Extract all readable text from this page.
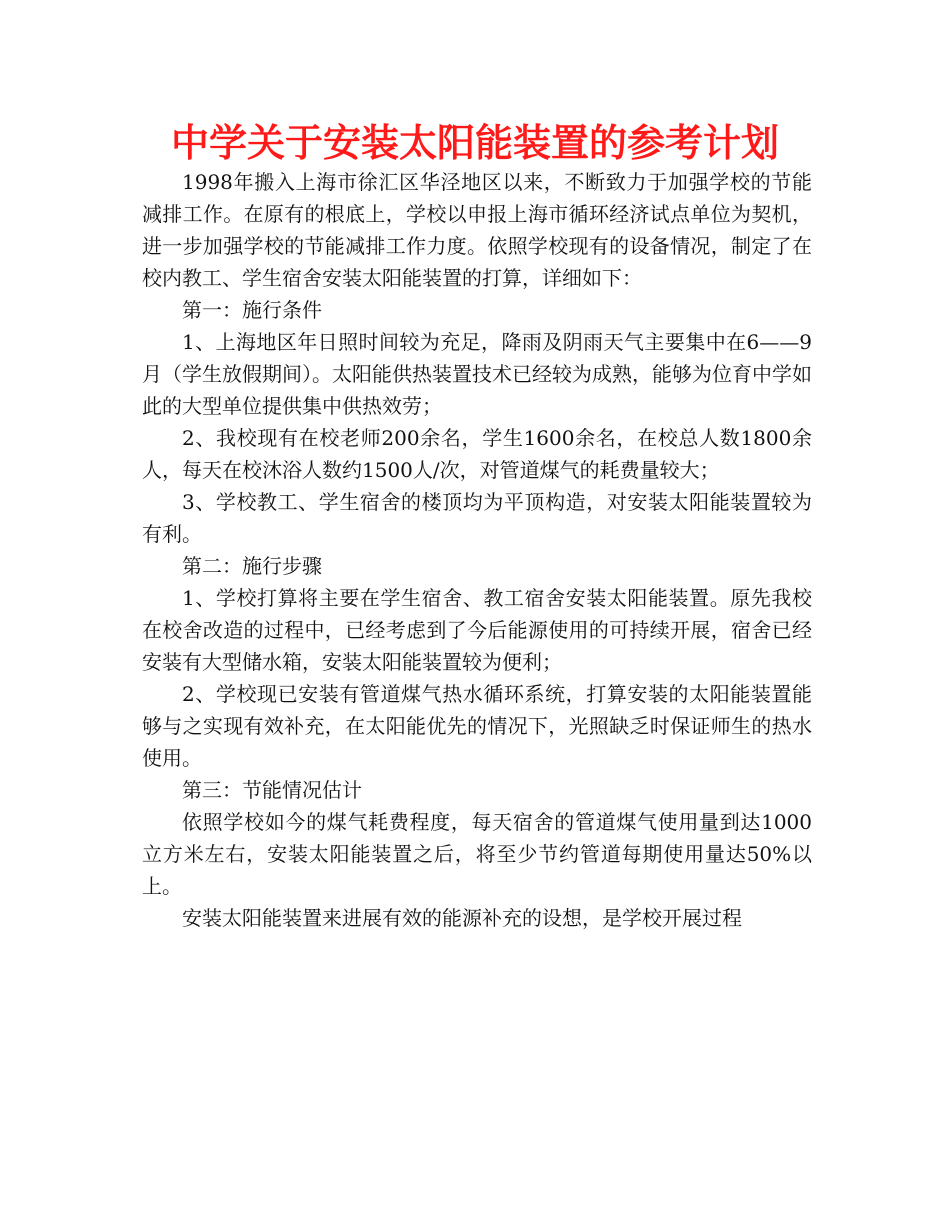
中学关于安装太阳能装置的参考计划

1998年搬入上海市徐汇区华泾地区以来，不断致力于加强学校的节能减排工作。在原有的根底上，学校以申报上海市循环经济试点单位为契机，进一步加强学校的节能减排工作力度。依照学校现有的设备情况，制定了在校内教工、学生宿舍安装太阳能装置的打算，详细如下：

第一：施行条件

1、上海地区年日照时间较为充足，降雨及阴雨天气主要集中在6——9月（学生放假期间）。太阳能供热装置技术已经较为成熟，能够为位育中学如此的大型单位提供集中供热效劳；

2、我校现有在校老师200余名，学生1600余名，在校总人数1800余人，每天在校沐浴人数约1500人/次，对管道煤气的耗费量较大；

3、学校教工、学生宿舍的楼顶均为平顶构造，对安装太阳能装置较为有利。

第二：施行步骤

1、学校打算将主要在学生宿舍、教工宿舍安装太阳能装置。原先我校在校舍改造的过程中，已经考虑到了今后能源使用的可持续开展，宿舍已经安装有大型储水箱，安装太阳能装置较为便利；

2、学校现已安装有管道煤气热水循环系统，打算安装的太阳能装置能够与之实现有效补充，在太阳能优先的情况下，光照缺乏时保证师生的热水使用。

第三：节能情况估计

依照学校如今的煤气耗费程度，每天宿舍的管道煤气使用量到达1000立方米左右，安装太阳能装置之后，将至少节约管道每期使用量达50%以上。

安装太阳能装置来进展有效的能源补充的设想，是学校开展过程
